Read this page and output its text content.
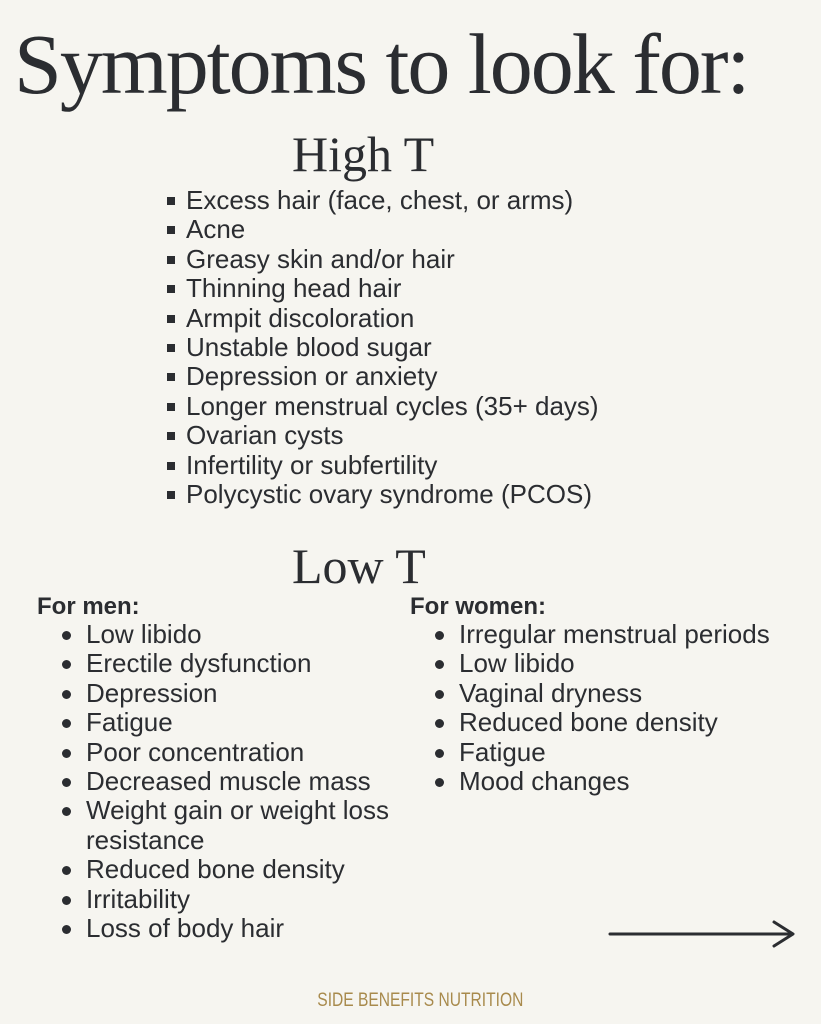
Symptoms to look for:
High T
Excess hair (face, chest, or arms)
Acne
Greasy skin and/or hair
Thinning head hair
Armpit discoloration
Unstable blood sugar
Depression or anxiety
Longer menstrual cycles (35+ days)
Ovarian cysts
Infertility or subfertility
Polycystic ovary syndrome (PCOS)
Low T
For men:
Low libido
Erectile dysfunction
Depression
Fatigue
Poor concentration
Decreased muscle mass
Weight gain or weight loss resistance
Reduced bone density
Irritability
Loss of body hair
For women:
Irregular menstrual periods
Low libido
Vaginal dryness
Reduced bone density
Fatigue
Mood changes
SIDE BENEFITS NUTRITION
